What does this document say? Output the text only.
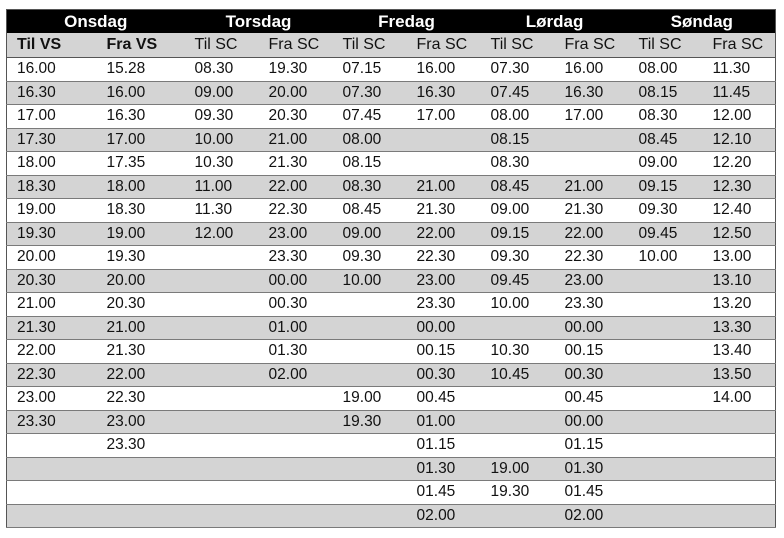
Onsdag		Torsdag		Fredag		Lørdag		Søndag	
Til VS	Fra VS	Til SC	Fra SC	Til SC	Fra SC	Til SC	Fra SC	Til SC	Fra SC
16.00	15.28	08.30	19.30	07.15	16.00	07.30	16.00	08.00	11.30
16.30	16.00	09.00	20.00	07.30	16.30	07.45	16.30	08.15	11.45
17.00	16.30	09.30	20.30	07.45	17.00	08.00	17.00	08.30	12.00
17.30	17.00	10.00	21.00	08.00		08.15		08.45	12.10
18.00	17.35	10.30	21.30	08.15		08.30		09.00	12.20
18.30	18.00	11.00	22.00	08.30	21.00	08.45	21.00	09.15	12.30
19.00	18.30	11.30	22.30	08.45	21.30	09.00	21.30	09.30	12.40
19.30	19.00	12.00	23.00	09.00	22.00	09.15	22.00	09.45	12.50
20.00	19.30		23.30	09.30	22.30	09.30	22.30	10.00	13.00
20.30	20.00		00.00	10.00	23.00	09.45	23.00		13.10
21.00	20.30		00.30		23.30	10.00	23.30		13.20
21.30	21.00		01.00		00.00		00.00		13.30
22.00	21.30		01.30		00.15	10.30	00.15		13.40
22.30	22.00		02.00		00.30	10.45	00.30		13.50
23.00	22.30			19.00	00.45		00.45		14.00
23.30	23.00			19.30	01.00		00.00		
	23.30				01.15		01.15		
					01.30	19.00	01.30		
					01.45	19.30	01.45		
					02.00		02.00		
